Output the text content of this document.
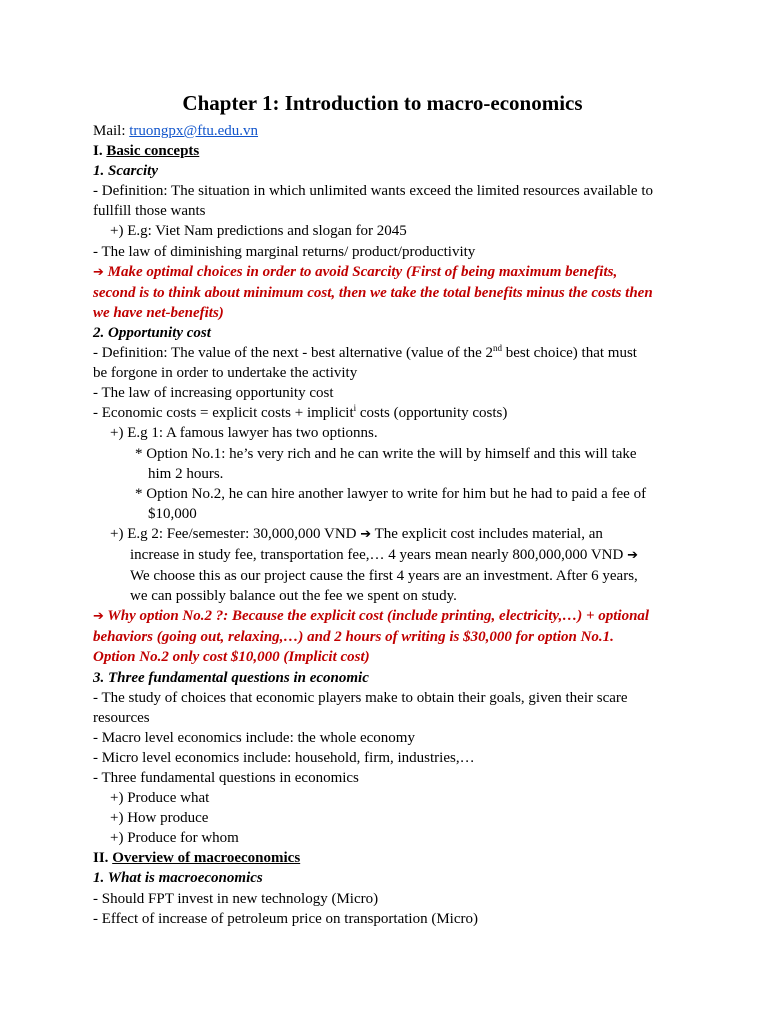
Chapter 1: Introduction to macro-economics
Mail: truongpx@ftu.edu.vn
I. Basic concepts
1. Scarcity
- Definition: The situation in which unlimited wants exceed the limited resources available to
fullfill those wants
+) E.g: Viet Nam predictions and slogan for 2045
- The law of diminishing marginal returns/ product/productivity
➔ Make optimal choices in order to avoid Scarcity (First of being maximum benefits,
second is to think about minimum cost, then we take the total benefits minus the costs then
we have net-benefits)
2. Opportunity cost
- Definition: The value of the next - best alternative (value of the 2nd best choice) that must
be forgone in order to undertake the activity
- The law of increasing opportunity cost
- Economic costs = explicit costs + implicit$^i$ costs (opportunity costs)
+) E.g 1: A famous lawyer has two optionns.
* Option No.1: he’s very rich and he can write the will by himself and this will take
him 2 hours.
* Option No.2, he can hire another lawyer to write for him but he had to paid a fee of
$10,000
+) E.g 2: Fee/semester: 30,000,000 VND ➔ The explicit cost includes material, an
increase in study fee, transportation fee,… 4 years mean nearly 800,000,000 VND ➔
We choose this as our project cause the first 4 years are an investment. After 6 years,
we can possibly balance out the fee we spent on study.
➔ Why option No.2 ?: Because the explicit cost (include printing, electricity,…) + optional
behaviors (going out, relaxing,…) and 2 hours of writing is $30,000 for option No.1.
Option No.2 only cost $10,000 (Implicit cost)
3. Three fundamental questions in economic
- The study of choices that economic players make to obtain their goals, given their scare
resources
- Macro level economics include: the whole economy
- Micro level economics include: household, firm, industries,…
- Three fundamental questions in economics
+) Produce what
+) How produce
+) Produce for whom
II. Overview of macroeconomics
1. What is macroeconomics
- Should FPT invest in new technology (Micro)
- Effect of increase of petroleum price on transportation (Micro)
